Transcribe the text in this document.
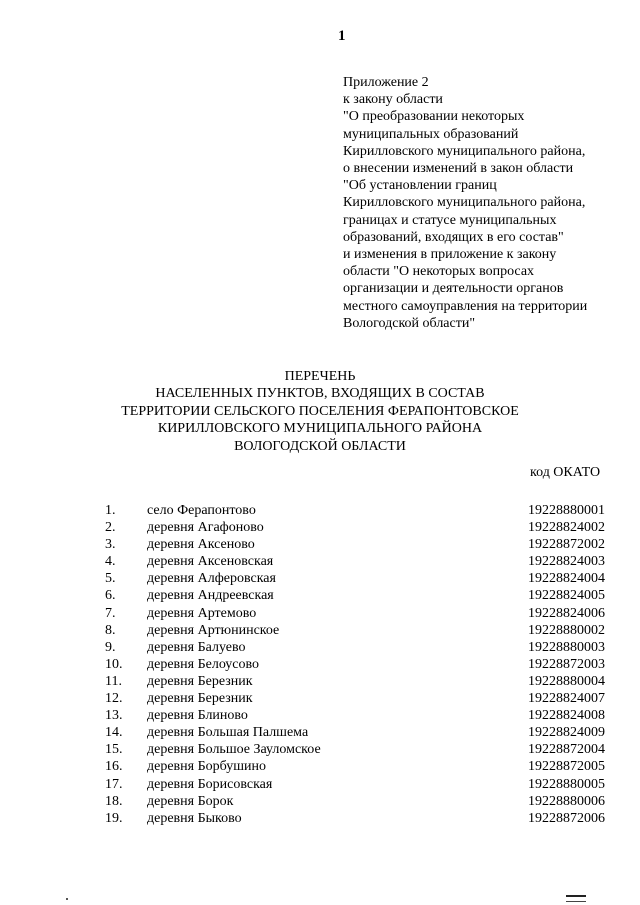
1
Приложение 2
к закону области
"О преобразовании некоторых
муниципальных образований
Кирилловского муниципального района,
о внесении изменений в закон области
"Об установлении границ
Кирилловского муниципального района,
границах и статусе муниципальных
образований, входящих в его состав"
и изменения в приложение к закону
области "О некоторых вопросах
организации и деятельности органов
местного самоуправления на территории
Вологодской области"
ПЕРЕЧЕНЬ
НАСЕЛЕННЫХ ПУНКТОВ, ВХОДЯЩИХ В СОСТАВ
ТЕРРИТОРИИ СЕЛЬСКОГО ПОСЕЛЕНИЯ ФЕРАПОНТОВСКОЕ
КИРИЛЛОВСКОГО МУНИЦИПАЛЬНОГО РАЙОНА
ВОЛОГОДСКОЙ ОБЛАСТИ
код ОКАТО
1. село Ферапонтово	19228880001
2. деревня Агафоново	19228824002
3. деревня Аксеново	19228872002
4. деревня Аксеновская	19228824003
5. деревня Алферовская	19228824004
6. деревня Андреевская	19228824005
7. деревня Артемово	19228824006
8. деревня Артюнинское	19228880002
9. деревня Балуево	19228880003
10. деревня Белоусово	19228872003
11. деревня Березник	19228880004
12. деревня Березник	19228824007
13. деревня Блиново	19228824008
14. деревня Большая Палшема	19228824009
15. деревня Большое Зауломское	19228872004
16. деревня Борбушино	19228872005
17. деревня Борисовская	19228880005
18. деревня Борок	19228880006
19. деревня Быково	19228872006
